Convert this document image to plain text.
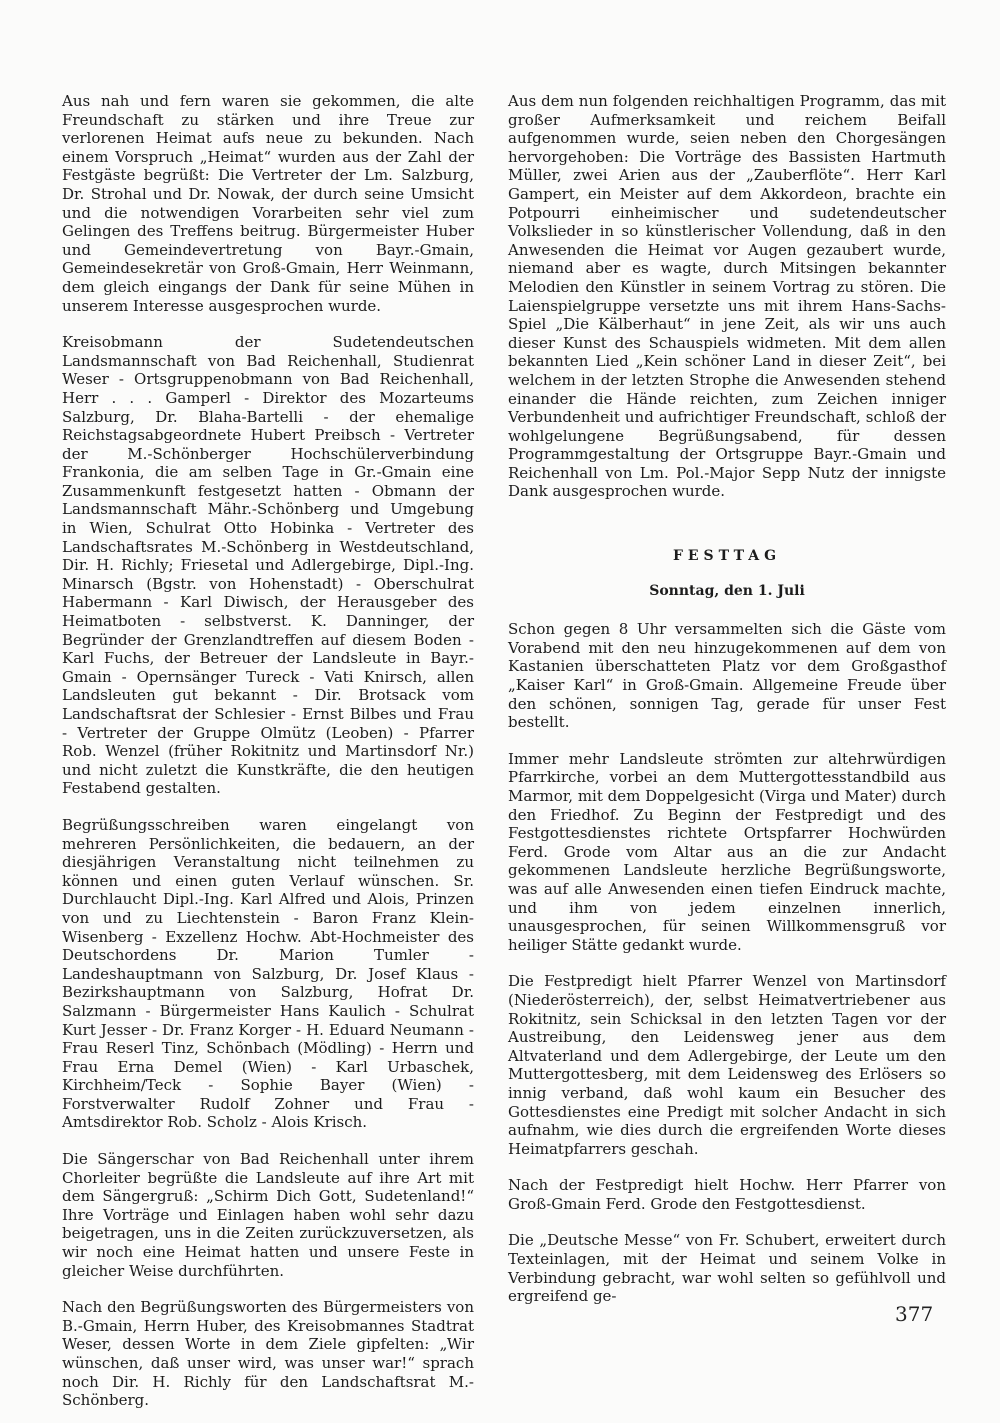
Aus nah und fern waren sie gekommen, die alte Freundschaft zu stärken und ihre Treue zur verlorenen Heimat aufs neue zu bekunden. Nach einem Vorspruch „Heimat“ wurden aus der Zahl der Festgäste begrüßt: Die Vertreter der Lm. Salzburg, Dr. Strohal und Dr. Nowak, der durch seine Umsicht und die notwendigen Vorarbeiten sehr viel zum Gelingen des Treffens beitrug. Bürgermeister Huber und Gemeindevertretung von Bayr.-Gmain, Gemeindesekretär von Groß-Gmain, Herr Weinmann, dem gleich eingangs der Dank für seine Mühen in unserem Interesse ausgesprochen wurde.

Kreisobmann der Sudetendeutschen Landsmannschaft von Bad Reichenhall, Studienrat Weser - Ortsgruppenobmann von Bad Reichenhall, Herr . . . Gamperl - Direktor des Mozarteums Salzburg, Dr. Blaha-Bartelli - der ehemalige Reichstagsabgeordnete Hubert Preibsch - Vertreter der M.-Schönberger Hochschülerverbindung Frankonia, die am selben Tage in Gr.-Gmain eine Zusammenkunft festgesetzt hatten - Obmann der Landsmannschaft Mähr.-Schönberg und Umgebung in Wien, Schulrat Otto Hobinka - Vertreter des Landschaftsrates M.-Schönberg in Westdeutschland, Dir. H. Richly; Friesetal und Adlergebirge, Dipl.-Ing. Minarsch (Bgstr. von Hohenstadt) - Oberschulrat Habermann - Karl Diwisch, der Herausgeber des Heimatboten - selbstverst. K. Danninger, der Begründer der Grenzlandtreffen auf diesem Boden - Karl Fuchs, der Betreuer der Landsleute in Bayr.-Gmain - Opernsänger Tureck - Vati Knirsch, allen Landsleuten gut bekannt - Dir. Brotsack vom Landschaftsrat der Schlesier - Ernst Bilbes und Frau - Vertreter der Gruppe Olmütz (Leoben) - Pfarrer Rob. Wenzel (früher Rokitnitz und Martinsdorf Nr.) und nicht zuletzt die Kunstkräfte, die den heutigen Festabend gestalten.

Begrüßungsschreiben waren eingelangt von mehreren Persönlichkeiten, die bedauern, an der diesjährigen Veranstaltung nicht teilnehmen zu können und einen guten Verlauf wünschen. Sr. Durchlaucht Dipl.-Ing. Karl Alfred und Alois, Prinzen von und zu Liechtenstein - Baron Franz Klein-Wisenberg - Exzellenz Hochw. Abt-Hochmeister des Deutschordens Dr. Marion Tumler - Landeshauptmann von Salzburg, Dr. Josef Klaus - Bezirkshauptmann von Salzburg, Hofrat Dr. Salzmann - Bürgermeister Hans Kaulich - Schulrat Kurt Jesser - Dr. Franz Korger - H. Eduard Neumann - Frau Reserl Tinz, Schönbach (Mödling) - Herrn und Frau Erna Demel (Wien) - Karl Urbaschek, Kirchheim/Teck - Sophie Bayer (Wien) - Forstverwalter Rudolf Zohner und Frau - Amtsdirektor Rob. Scholz - Alois Krisch.

Die Sängerschar von Bad Reichenhall unter ihrem Chorleiter begrüßte die Landsleute auf ihre Art mit dem Sängergruß: „Schirm Dich Gott, Sudetenland!“ Ihre Vorträge und Einlagen haben wohl sehr dazu beigetragen, uns in die Zeiten zurückzuversetzen, als wir noch eine Heimat hatten und unsere Feste in gleicher Weise durchführten.

Nach den Begrüßungsworten des Bürgermeisters von B.-Gmain, Herrn Huber, des Kreisobmannes Stadtrat Weser, dessen Worte in dem Ziele gipfelten: „Wir wünschen, daß unser wird, was unser war!“ sprach noch Dir. H. Richly für den Landschaftsrat M.-Schönberg.

Aus dem nun folgenden reichhaltigen Programm, das mit großer Aufmerksamkeit und reichem Beifall aufgenommen wurde, seien neben den Chorgesängen hervorgehoben: Die Vorträge des Bassisten Hartmuth Müller, zwei Arien aus der „Zauberflöte“. Herr Karl Gampert, ein Meister auf dem Akkordeon, brachte ein Potpourri einheimischer und sudetendeutscher Volkslieder in so künstlerischer Vollendung, daß in den Anwesenden die Heimat vor Augen gezaubert wurde, niemand aber es wagte, durch Mitsingen bekannter Melodien den Künstler in seinem Vortrag zu stören. Die Laienspielgruppe versetzte uns mit ihrem Hans-Sachs-Spiel „Die Kälberhaut“ in jene Zeit, als wir uns auch dieser Kunst des Schauspiels widmeten. Mit dem allen bekannten Lied „Kein schöner Land in dieser Zeit“, bei welchem in der letzten Strophe die Anwesenden stehend einander die Hände reichten, zum Zeichen inniger Verbundenheit und aufrichtiger Freundschaft, schloß der wohlgelungene Begrüßungsabend, für dessen Programmgestaltung der Ortsgruppe Bayr.-Gmain und Reichenhall von Lm. Pol.-Major Sepp Nutz der innigste Dank ausgesprochen wurde.

FESTTAG

Sonntag, den 1. Juli

Schon gegen 8 Uhr versammelten sich die Gäste vom Vorabend mit den neu hinzugekommenen auf dem von Kastanien überschatteten Platz vor dem Großgasthof „Kaiser Karl“ in Groß-Gmain. Allgemeine Freude über den schönen, sonnigen Tag, gerade für unser Fest bestellt.

Immer mehr Landsleute strömten zur altehrwürdigen Pfarrkirche, vorbei an dem Muttergottesstandbild aus Marmor, mit dem Doppelgesicht (Virga und Mater) durch den Friedhof. Zu Beginn der Festpredigt und des Festgottesdienstes richtete Ortspfarrer Hochwürden Ferd. Grode vom Altar aus an die zur Andacht gekommenen Landsleute herzliche Begrüßungsworte, was auf alle Anwesenden einen tiefen Eindruck machte, und ihm von jedem einzelnen innerlich, unausgesprochen, für seinen Willkommensgruß vor heiliger Stätte gedankt wurde.

Die Festpredigt hielt Pfarrer Wenzel von Martinsdorf (Niederösterreich), der, selbst Heimatvertriebener aus Rokitnitz, sein Schicksal in den letzten Tagen vor der Austreibung, den Leidensweg jener aus dem Altvaterland und dem Adlergebirge, der Leute um den Muttergottesberg, mit dem Leidensweg des Erlösers so innig verband, daß wohl kaum ein Besucher des Gottesdienstes eine Predigt mit solcher Andacht in sich aufnahm, wie dies durch die ergreifenden Worte dieses Heimatpfarrers geschah.

Nach der Festpredigt hielt Hochw. Herr Pfarrer von Groß-Gmain Ferd. Grode den Festgottesdienst.

Die „Deutsche Messe“ von Fr. Schubert, erweitert durch Texteinlagen, mit der Heimat und seinem Volke in Verbindung gebracht, war wohl selten so gefühlvoll und ergreifend ge-

377
